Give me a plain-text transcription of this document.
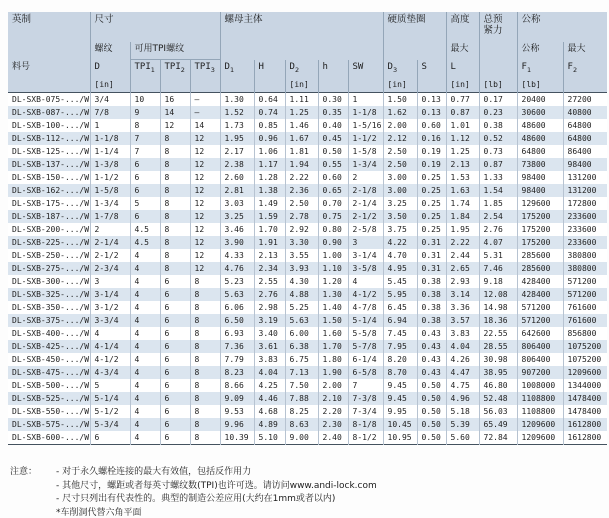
英制	尺寸				螺母主体					硬质垫圈		高度	总预
紧力	公称	
	螺纹	可用TPI螺纹										最大		公称	最大
料号	D	$TPI_1$	$TPI_2$	$TPI_3$	$D_1$	H	$D_2$	h	SW	$D_3$	S	L		$F_1$	$F_2$
	[in]						[in]			[in]		[in]	[lb]	[lb]	
DL-SXB-075-.../W	3/4	10	16	–	1.30	0.64	1.11	0.30	1	1.50	0.13	0.77	0.17	20400	27200
DL-SXB-087-.../W	7/8	9	14	–	1.52	0.74	1.25	0.35	1-1/8	1.62	0.13	0.87	0.23	30600	40800
DL-SXB-100-.../W	1	8	12	14	1.73	0.85	1.46	0.40	1-5/16	2.00	0.60	1.01	0.38	48600	64800
DL-SXB-112-.../W	1-1/8	7	8	12	1.95	0.96	1.67	0.45	1-1/2	2.12	0.16	1.12	0.52	48600	64800
DL-SXB-125-.../W	1-1/4	7	8	12	2.17	1.06	1.81	0.50	1-5/8	2.50	0.19	1.25	0.73	64800	86400
DL-SXB-137-.../W	1-3/8	6	8	12	2.38	1.17	1.94	0.55	1-3/4	2.50	0.19	2.13	0.87	73800	98400
DL-SXB-150-.../W	1-1/2	6	8	12	2.60	1.28	2.22	0.60	2	3.00	0.25	1.53	1.33	98400	131200
DL-SXB-162-.../W	1-5/8	6	8	12	2.81	1.38	2.36	0.65	2-1/8	3.00	0.25	1.63	1.54	98400	131200
DL-SXB-175-.../W	1-3/4	5	8	12	3.03	1.49	2.50	0.70	2-1/4	3.25	0.25	1.74	1.85	129600	172800
DL-SXB-187-.../W	1-7/8	6	8	12	3.25	1.59	2.78	0.75	2-1/2	3.50	0.25	1.84	2.54	175200	233600
DL-SXB-200-.../W	2	4.5	8	12	3.46	1.70	2.92	0.80	2-5/8	3.75	0.25	1.95	2.76	175200	233600
DL-SXB-225-.../W	2-1/4	4.5	8	12	3.90	1.91	3.30	0.90	3	4.22	0.31	2.22	4.07	175200	233600
DL-SXB-250-.../W	2-1/2	4	8	12	4.33	2.13	3.55	1.00	3-1/4	4.70	0.31	2.44	5.31	285600	380800
DL-SXB-275-.../W	2-3/4	4	8	12	4.76	2.34	3.93	1.10	3-5/8	4.95	0.31	2.65	7.46	285600	380800
DL-SXB-300-.../W	3	4	6	8	5.23	2.55	4.30	1.20	4	5.45	0.38	2.93	9.18	428400	571200
DL-SXB-325-.../W	3-1/4	4	6	8	5.63	2.76	4.88	1.30	4-1/2	5.95	0.38	3.14	12.08	428400	571200
DL-SXB-350-.../W	3-1/2	4	6	8	6.06	2.98	5.25	1.40	4-7/8	6.45	0.38	3.36	14.98	571200	761600
DL-SXB-375-.../W	3-3/4	4	6	8	6.50	3.19	5.63	1.50	5-1/4	6.94	0.38	3.57	18.36	571200	761600
DL-SXB-400-.../W	4	4	6	8	6.93	3.40	6.00	1.60	5-5/8	7.45	0.43	3.83	22.55	642600	856800
DL-SXB-425-.../W	4-1/4	4	6	8	7.36	3.61	6.38	1.70	5-7/8	7.95	0.43	4.04	28.55	806400	1075200
DL-SXB-450-.../W	4-1/2	4	6	8	7.79	3.83	6.75	1.80	6-1/4	8.20	0.43	4.26	30.98	806400	1075200
DL-SXB-475-.../W	4-3/4	4	6	8	8.23	4.04	7.13	1.90	6-5/8	8.70	0.43	4.47	38.95	907200	1209600
DL-SXB-500-.../W	5	4	6	8	8.66	4.25	7.50	2.00	7	9.45	0.50	4.75	46.80	1008000	1344000
DL-SXB-525-.../W	5-1/4	4	6	8	9.09	4.46	7.88	2.10	7-3/8	9.45	0.50	4.96	52.48	1108800	1478400
DL-SXB-550-.../W	5-1/2	4	6	8	9.53	4.68	8.25	2.20	7-3/4	9.95	0.50	5.18	56.03	1108800	1478400
DL-SXB-575-.../W	5-3/4	4	6	8	9.96	4.89	8.63	2.30	8-1/8	10.45	0.50	5.39	65.49	1209600	1612800
DL-SXB-600-.../W	6	4	6	8	10.39	5.10	9.00	2.40	8-1/2	10.95	0.50	5.60	72.84	1209600	1612800
注意：	- 对于永久螺栓连接的最大有效值，包括反作用力
- 其他尺寸，螺距或者每英寸螺纹数(TPI)也许可选。请访问www.andi-lock.com
- 尺寸只列出有代表性的。典型的制造公差应用(大约在1mm或者以内)
*车削洞代替六角平面
